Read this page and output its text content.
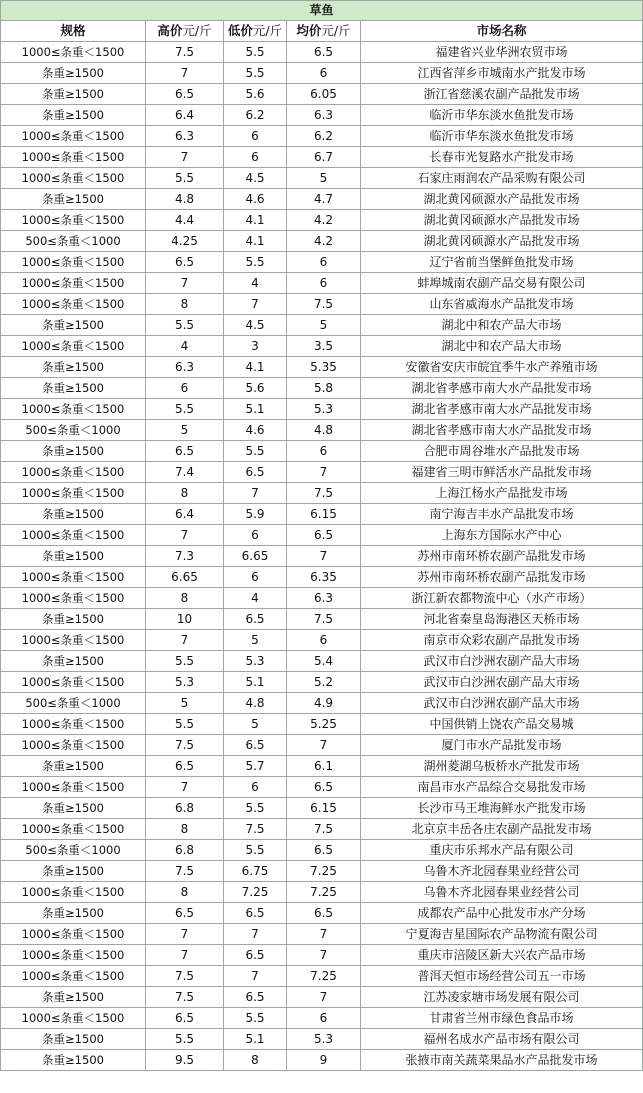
草鱼				
规格	高价元/斤	低价元/斤	均价元/斤	市场名称
1000≤条重＜1500	7.5	5.5	6.5	福建省兴业华洲农贸市场
条重≥1500	7	5.5	6	江西省萍乡市城南水产批发市场
条重≥1500	6.5	5.6	6.05	浙江省慈溪农副产品批发市场
条重≥1500	6.4	6.2	6.3	临沂市华东淡水鱼批发市场
1000≤条重＜1500	6.3	6	6.2	临沂市华东淡水鱼批发市场
1000≤条重＜1500	7	6	6.7	长春市光复路水产批发市场
1000≤条重＜1500	5.5	4.5	5	石家庄雨润农产品采购有限公司
条重≥1500	4.8	4.6	4.7	湖北黄冈硕源水产品批发市场
1000≤条重＜1500	4.4	4.1	4.2	湖北黄冈硕源水产品批发市场
500≤条重＜1000	4.25	4.1	4.2	湖北黄冈硕源水产品批发市场
1000≤条重＜1500	6.5	5.5	6	辽宁省前当堡鲜鱼批发市场
1000≤条重＜1500	7	4	6	蚌埠城南农副产品交易有限公司
1000≤条重＜1500	8	7	7.5	山东省威海水产品批发市场
条重≥1500	5.5	4.5	5	湖北中和农产品大市场
1000≤条重＜1500	4	3	3.5	湖北中和农产品大市场
条重≥1500	6.3	4.1	5.35	安徽省安庆市皖宜季牛水产养殖市场
条重≥1500	6	5.6	5.8	湖北省孝感市南大水产品批发市场
1000≤条重＜1500	5.5	5.1	5.3	湖北省孝感市南大水产品批发市场
500≤条重＜1000	5	4.6	4.8	湖北省孝感市南大水产品批发市场
条重≥1500	6.5	5.5	6	合肥市周谷堆水产品批发市场
1000≤条重＜1500	7.4	6.5	7	福建省三明市鲜活水产品批发市场
1000≤条重＜1500	8	7	7.5	上海江杨水产品批发市场
条重≥1500	6.4	5.9	6.15	南宁海吉丰水产品批发市场
1000≤条重＜1500	7	6	6.5	上海东方国际水产中心
条重≥1500	7.3	6.65	7	苏州市南环桥农副产品批发市场
1000≤条重＜1500	6.65	6	6.35	苏州市南环桥农副产品批发市场
1000≤条重＜1500	8	4	6.3	浙江新农都物流中心（水产市场）
条重≥1500	10	6.5	7.5	河北省秦皇岛海港区天桥市场
1000≤条重＜1500	7	5	6	南京市众彩农副产品批发市场
条重≥1500	5.5	5.3	5.4	武汉市白沙洲农副产品大市场
1000≤条重＜1500	5.3	5.1	5.2	武汉市白沙洲农副产品大市场
500≤条重＜1000	5	4.8	4.9	武汉市白沙洲农副产品大市场
1000≤条重＜1500	5.5	5	5.25	中国供销上饶农产品交易城
1000≤条重＜1500	7.5	6.5	7	厦门市水产品批发市场
条重≥1500	6.5	5.7	6.1	湖州菱湖乌板桥水产批发市场
1000≤条重＜1500	7	6	6.5	南昌市水产品综合交易批发市场
条重≥1500	6.8	5.5	6.15	长沙市马王堆海鲜水产批发市场
1000≤条重＜1500	8	7.5	7.5	北京京丰岳各庄农副产品批发市场
500≤条重＜1000	6.8	5.5	6.5	重庆市乐邦水产品有限公司
条重≥1500	7.5	6.75	7.25	乌鲁木齐北园春果业经营公司
1000≤条重＜1500	8	7.25	7.25	乌鲁木齐北园春果业经营公司
条重≥1500	6.5	6.5	6.5	成都农产品中心批发市水产分场
1000≤条重＜1500	7	7	7	宁夏海吉星国际农产品物流有限公司
1000≤条重＜1500	7	6.5	7	重庆市涪陵区新大兴农产品市场
1000≤条重＜1500	7.5	7	7.25	普洱天恒市场经营公司五一市场
条重≥1500	7.5	6.5	7	江苏凌家塘市场发展有限公司
1000≤条重＜1500	6.5	5.5	6	甘肃省兰州市绿色食品市场
条重≥1500	5.5	5.1	5.3	福州名成水产品市场有限公司
条重≥1500	9.5	8	9	张掖市南关蔬菜果品水产品批发市场
